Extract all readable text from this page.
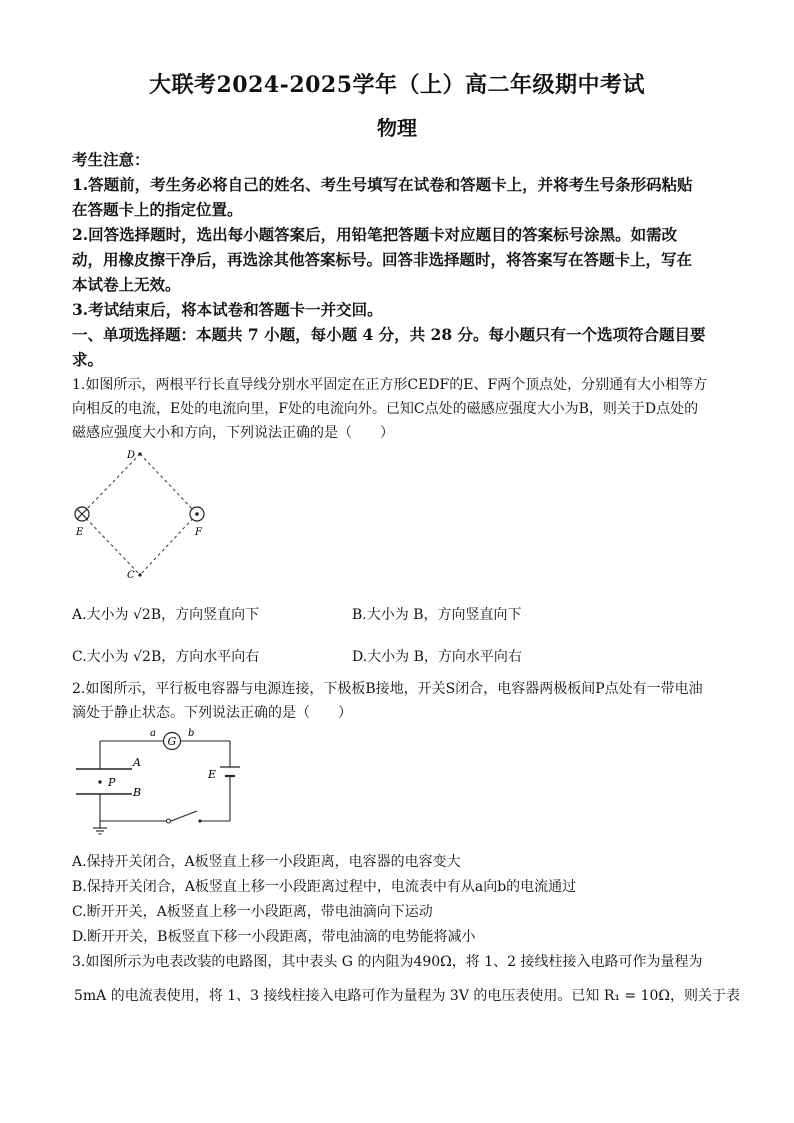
大联考2024-2025学年（上）高二年级期中考试
物理
考生注意：
1.答题前，考生务必将自己的姓名、考生号填写在试卷和答题卡上，并将考生号条形码粘贴
在答题卡上的指定位置。
2.回答选择题时，选出每小题答案后，用铅笔把答题卡对应题目的答案标号涂黑。如需改
动，用橡皮擦干净后，再选涂其他答案标号。回答非选择题时，将答案写在答题卡上，写在
本试卷上无效。
3.考试结束后，将本试卷和答题卡一并交回。
一、单项选择题：本题共 7 小题，每小题 4 分，共 28 分。每小题只有一个选项符合题目要
求。
1.如图所示，两根平行长直导线分别水平固定在正方形CEDF的E、F两个顶点处，分别通有大小相等方
向相反的电流，E处的电流向里，F处的电流向外。已知C点处的磁感应强度大小为B，则关于D点处的
磁感应强度大小和方向，下列说法正确的是（　　）
D
E	F
C
A.大小为 √2B，方向竖直向下	B.大小为 B，方向竖直向下
C.大小为 √2B，方向水平向右	D.大小为 B，方向水平向右
2.如图所示，平行板电容器与电源连接，下极板B接地，开关S闭合，电容器两极板间P点处有一带电油
滴处于静止状态。下列说法正确的是（　　）
G
a	b
A
B
P
E
A.保持开关闭合，A板竖直上移一小段距离，电容器的电容变大
B.保持开关闭合，A板竖直上移一小段距离过程中，电流表中有从a向b的电流通过
C.断开开关，A板竖直上移一小段距离，带电油滴向下运动
D.断开开关，B板竖直下移一小段距离，带电油滴的电势能将减小
3.如图所示为电表改装的电路图，其中表头 G 的内阻为490Ω，将 1、2 接线柱接入电路可作为量程为
5mA 的电流表使用，将 1、3 接线柱接入电路可作为量程为 3V 的电压表使用。已知 R₁ = 10Ω，则关于表
